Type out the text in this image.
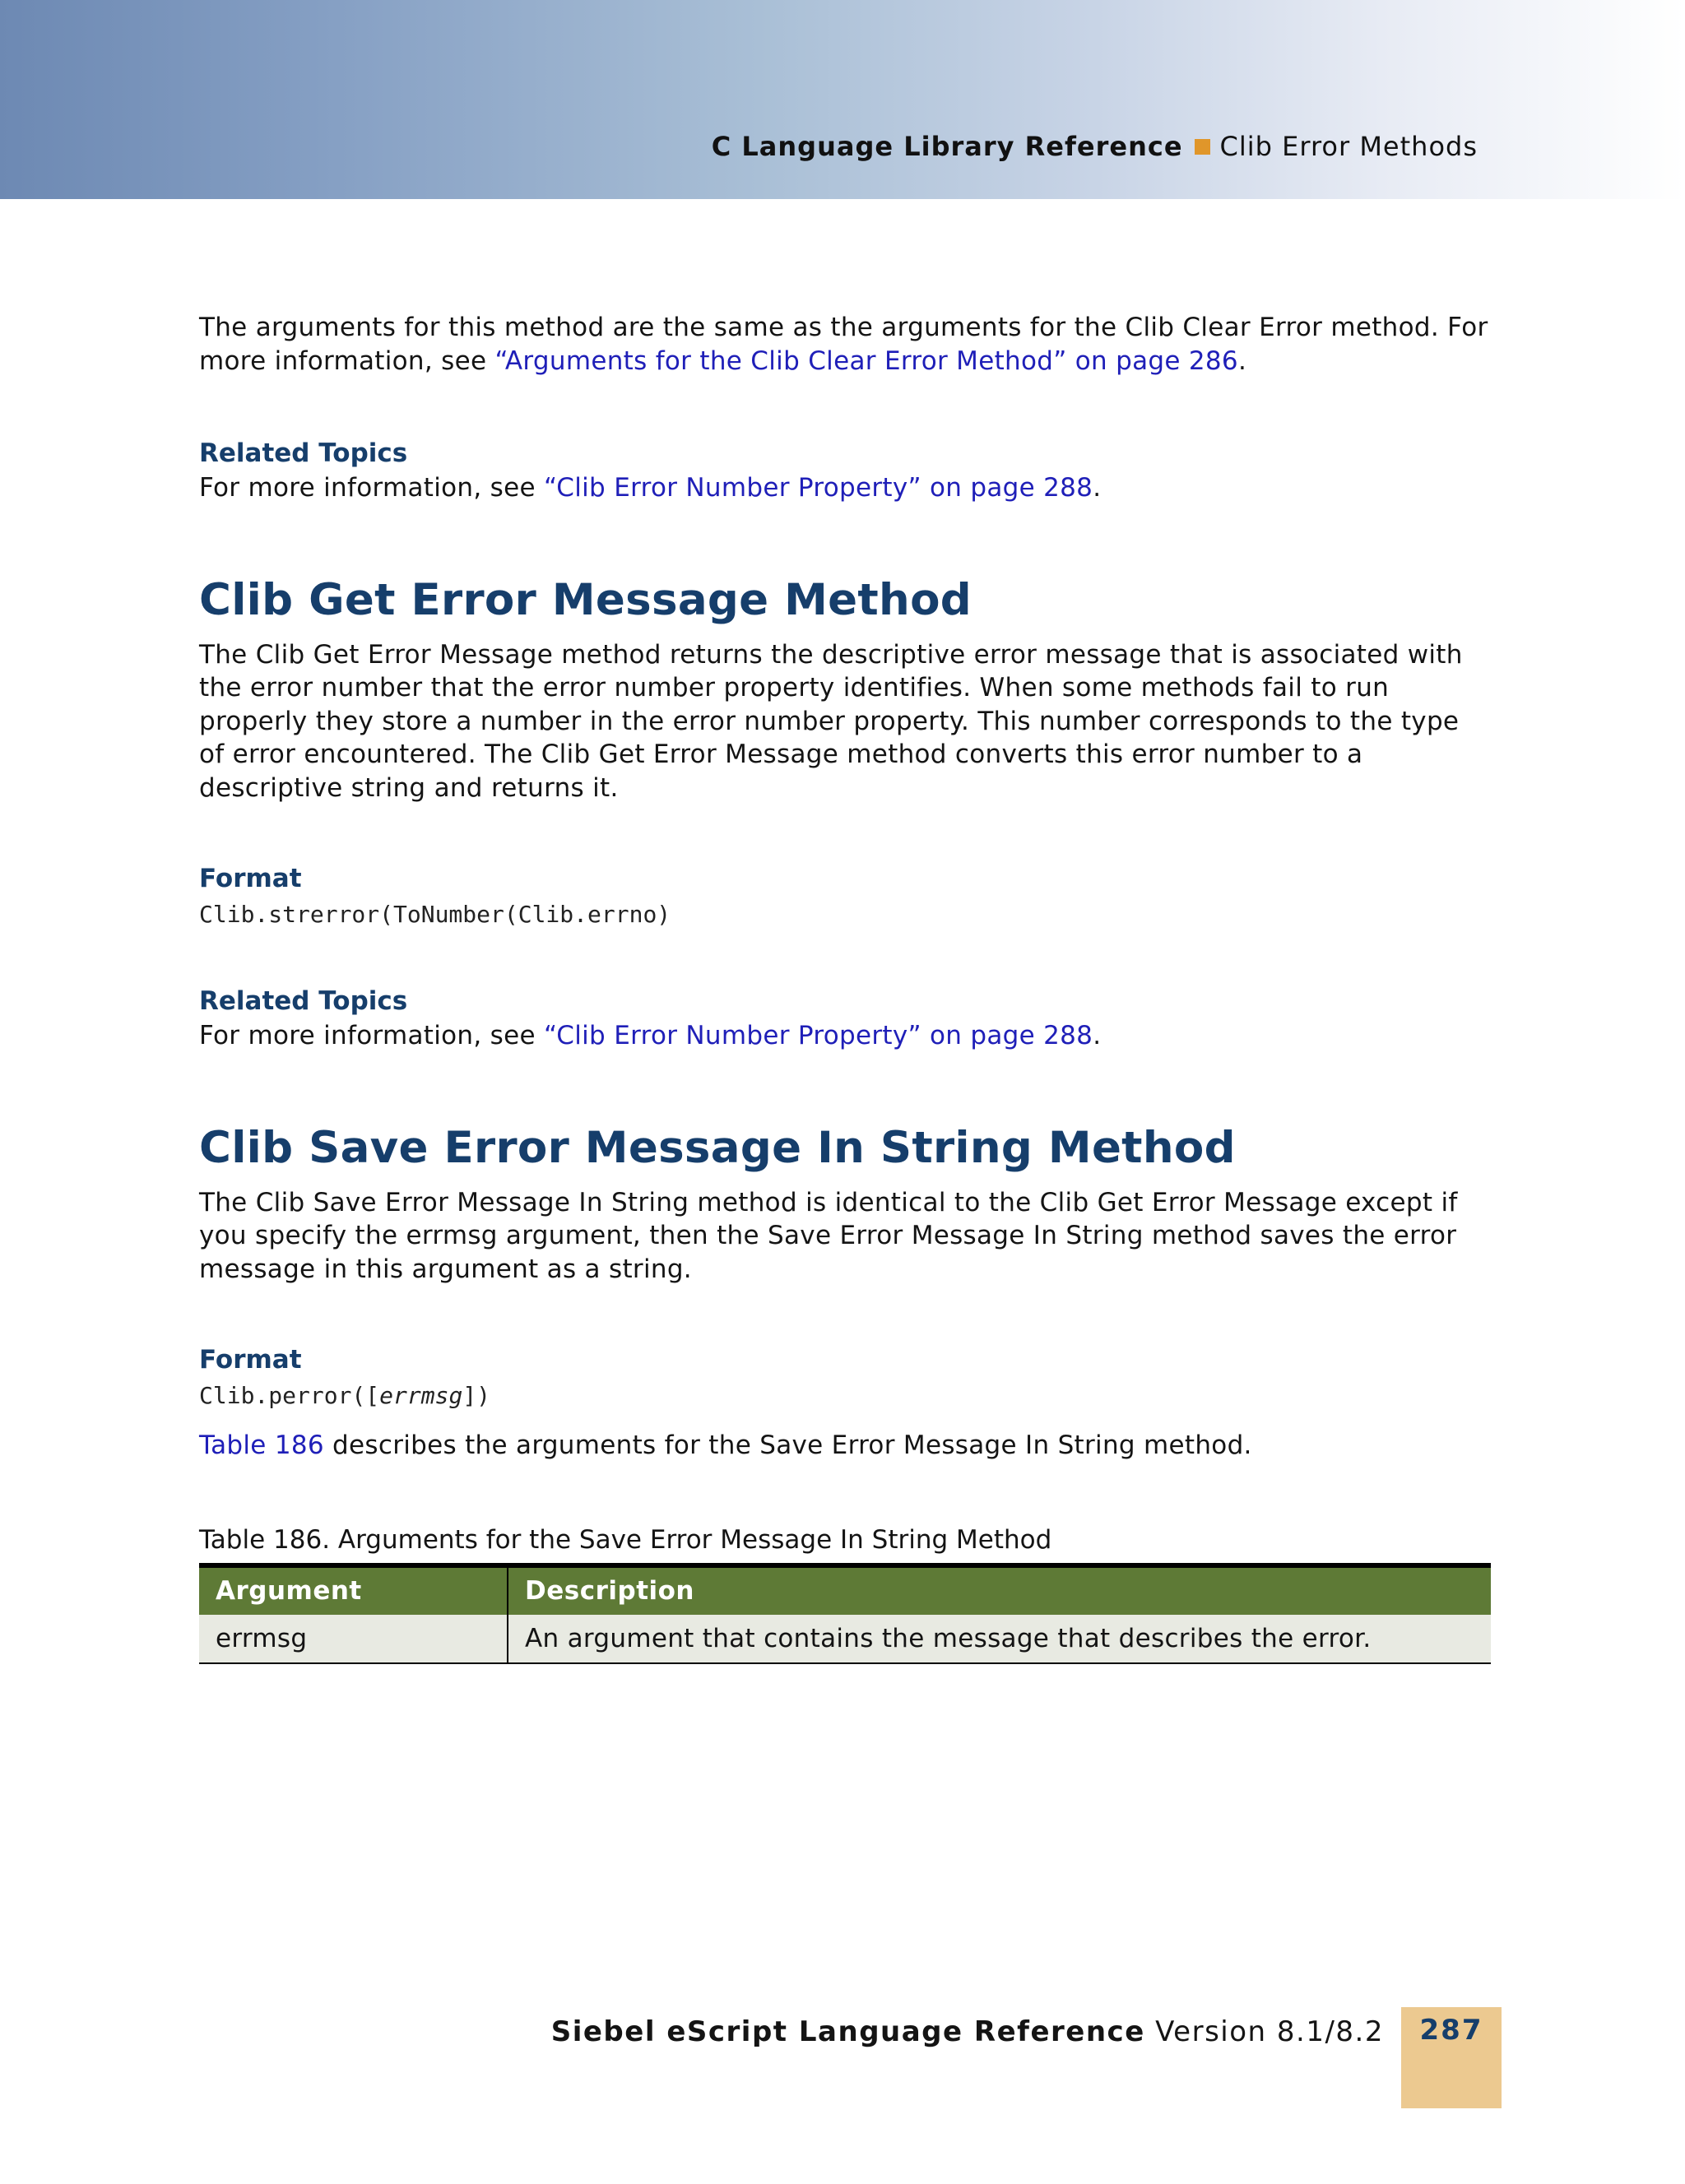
C Language Library Reference Clib Error Methods

The arguments for this method are the same as the arguments for the Clib Clear Error method. For more information, see “Arguments for the Clib Clear Error Method” on page 286.

Related Topics

For more information, see “Clib Error Number Property” on page 288.

Clib Get Error Message Method

The Clib Get Error Message method returns the descriptive error message that is associated with the error number that the error number property identifies. When some methods fail to run properly they store a number in the error number property. This number corresponds to the type of error encountered. The Clib Get Error Message method converts this error number to a descriptive string and returns it.

Format

Clib.strerror(ToNumber(Clib.errno)

Related Topics

For more information, see “Clib Error Number Property” on page 288.

Clib Save Error Message In String Method

The Clib Save Error Message In String method is identical to the Clib Get Error Message except if you specify the errmsg argument, then the Save Error Message In String method saves the error message in this argument as a string.

Format

Clib.perror([errmsg])

Table 186 describes the arguments for the Save Error Message In String method.

Table 186. Arguments for the Save Error Message In String Method

Argument	Description
errmsg	An argument that contains the message that describes the error.
Siebel eScript Language Reference Version 8.1/8.2	287
